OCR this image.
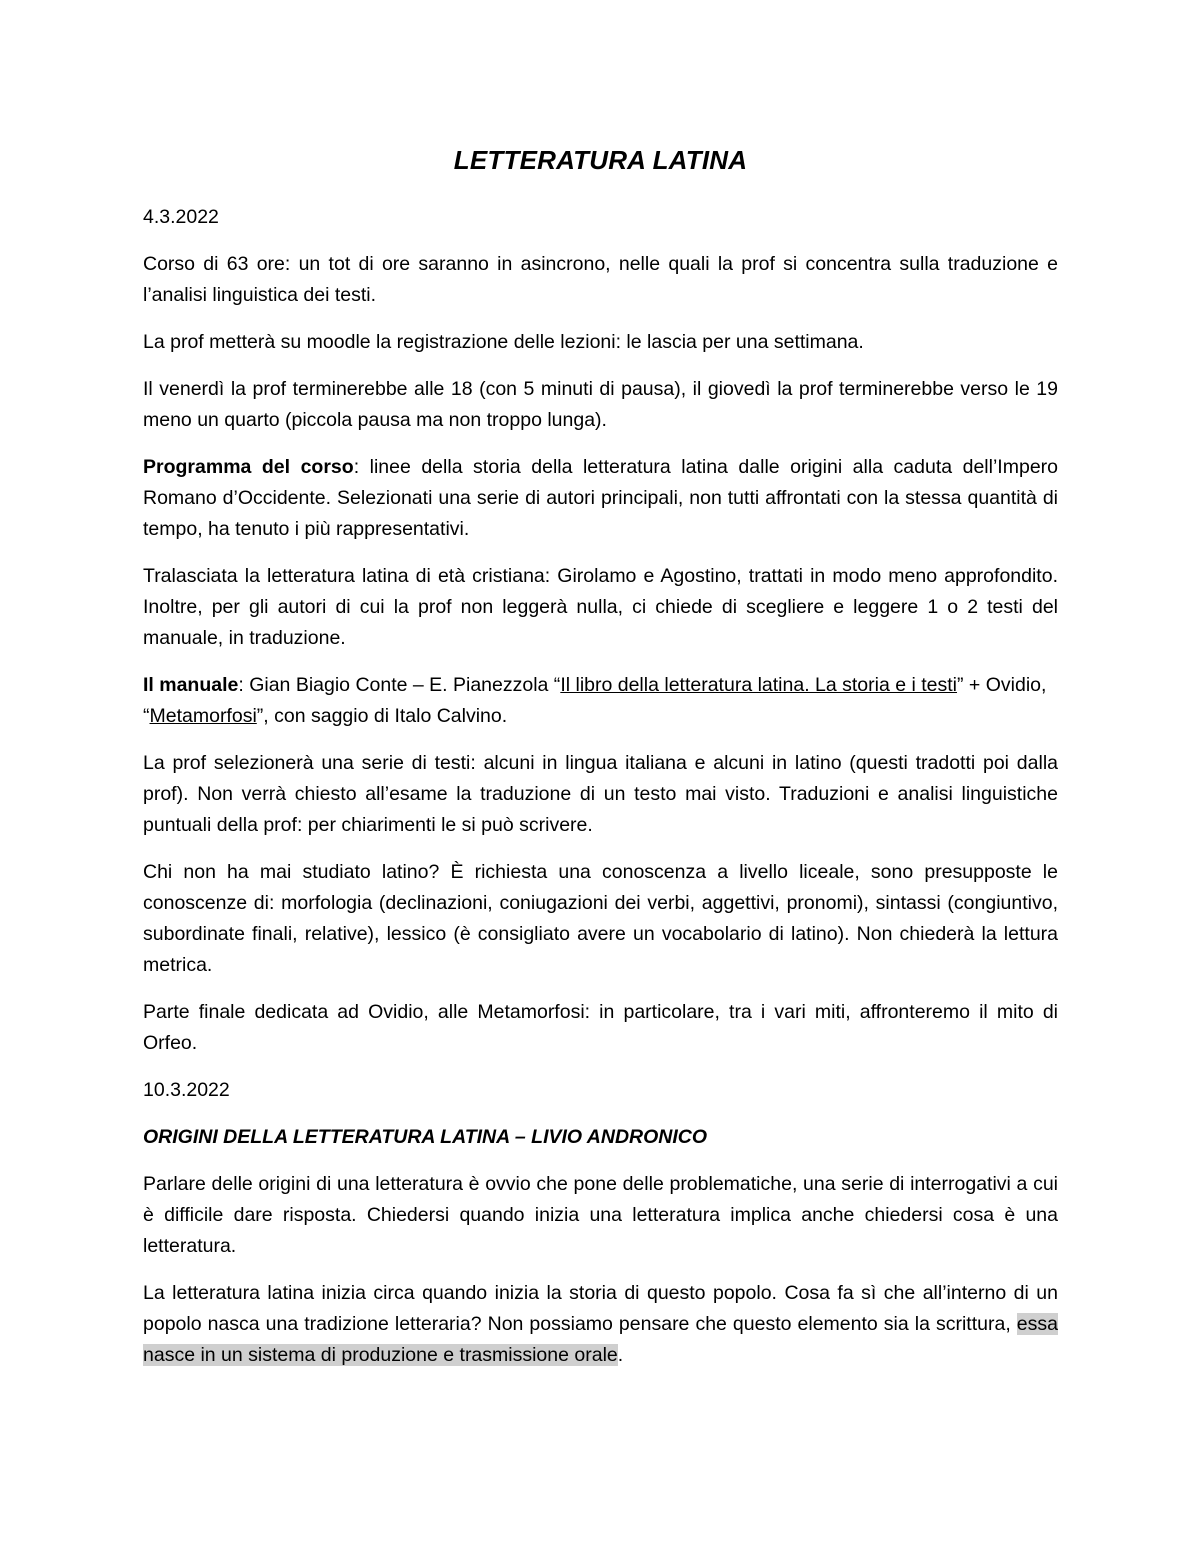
LETTERATURA LATINA

4.3.2022

Corso di 63 ore: un tot di ore saranno in asincrono, nelle quali la prof si concentra sulla traduzione e l’analisi linguistica dei testi.

La prof metterà su moodle la registrazione delle lezioni: le lascia per una settimana.

Il venerdì la prof terminerebbe alle 18 (con 5 minuti di pausa), il giovedì la prof terminerebbe verso le 19 meno un quarto (piccola pausa ma non troppo lunga).

Programma del corso: linee della storia della letteratura latina dalle origini alla caduta dell’Impero Romano d’Occidente. Selezionati una serie di autori principali, non tutti affrontati con la stessa quantità di tempo, ha tenuto i più rappresentativi.

Tralasciata la letteratura latina di età cristiana: Girolamo e Agostino, trattati in modo meno approfondito. Inoltre, per gli autori di cui la prof non leggerà nulla, ci chiede di scegliere e leggere 1 o 2 testi del manuale, in traduzione.

Il manuale: Gian Biagio Conte – E. Pianezzola “Il libro della letteratura latina. La storia e i testi” + Ovidio, “Metamorfosi”, con saggio di Italo Calvino.

La prof selezionerà una serie di testi: alcuni in lingua italiana e alcuni in latino (questi tradotti poi dalla prof). Non verrà chiesto all’esame la traduzione di un testo mai visto. Traduzioni e analisi linguistiche puntuali della prof: per chiarimenti le si può scrivere.

Chi non ha mai studiato latino? È richiesta una conoscenza a livello liceale, sono presupposte le conoscenze di: morfologia (declinazioni, coniugazioni dei verbi, aggettivi, pronomi), sintassi (congiuntivo, subordinate finali, relative), lessico (è consigliato avere un vocabolario di latino). Non chiederà la lettura metrica.

Parte finale dedicata ad Ovidio, alle Metamorfosi: in particolare, tra i vari miti, affronteremo il mito di Orfeo.

10.3.2022

ORIGINI DELLA LETTERATURA LATINA – LIVIO ANDRONICO

Parlare delle origini di una letteratura è ovvio che pone delle problematiche, una serie di interrogativi a cui è difficile dare risposta. Chiedersi quando inizia una letteratura implica anche chiedersi cosa è una letteratura.

La letteratura latina inizia circa quando inizia la storia di questo popolo. Cosa fa sì che all’interno di un popolo nasca una tradizione letteraria? Non possiamo pensare che questo elemento sia la scrittura, essa nasce in un sistema di produzione e trasmissione orale.
